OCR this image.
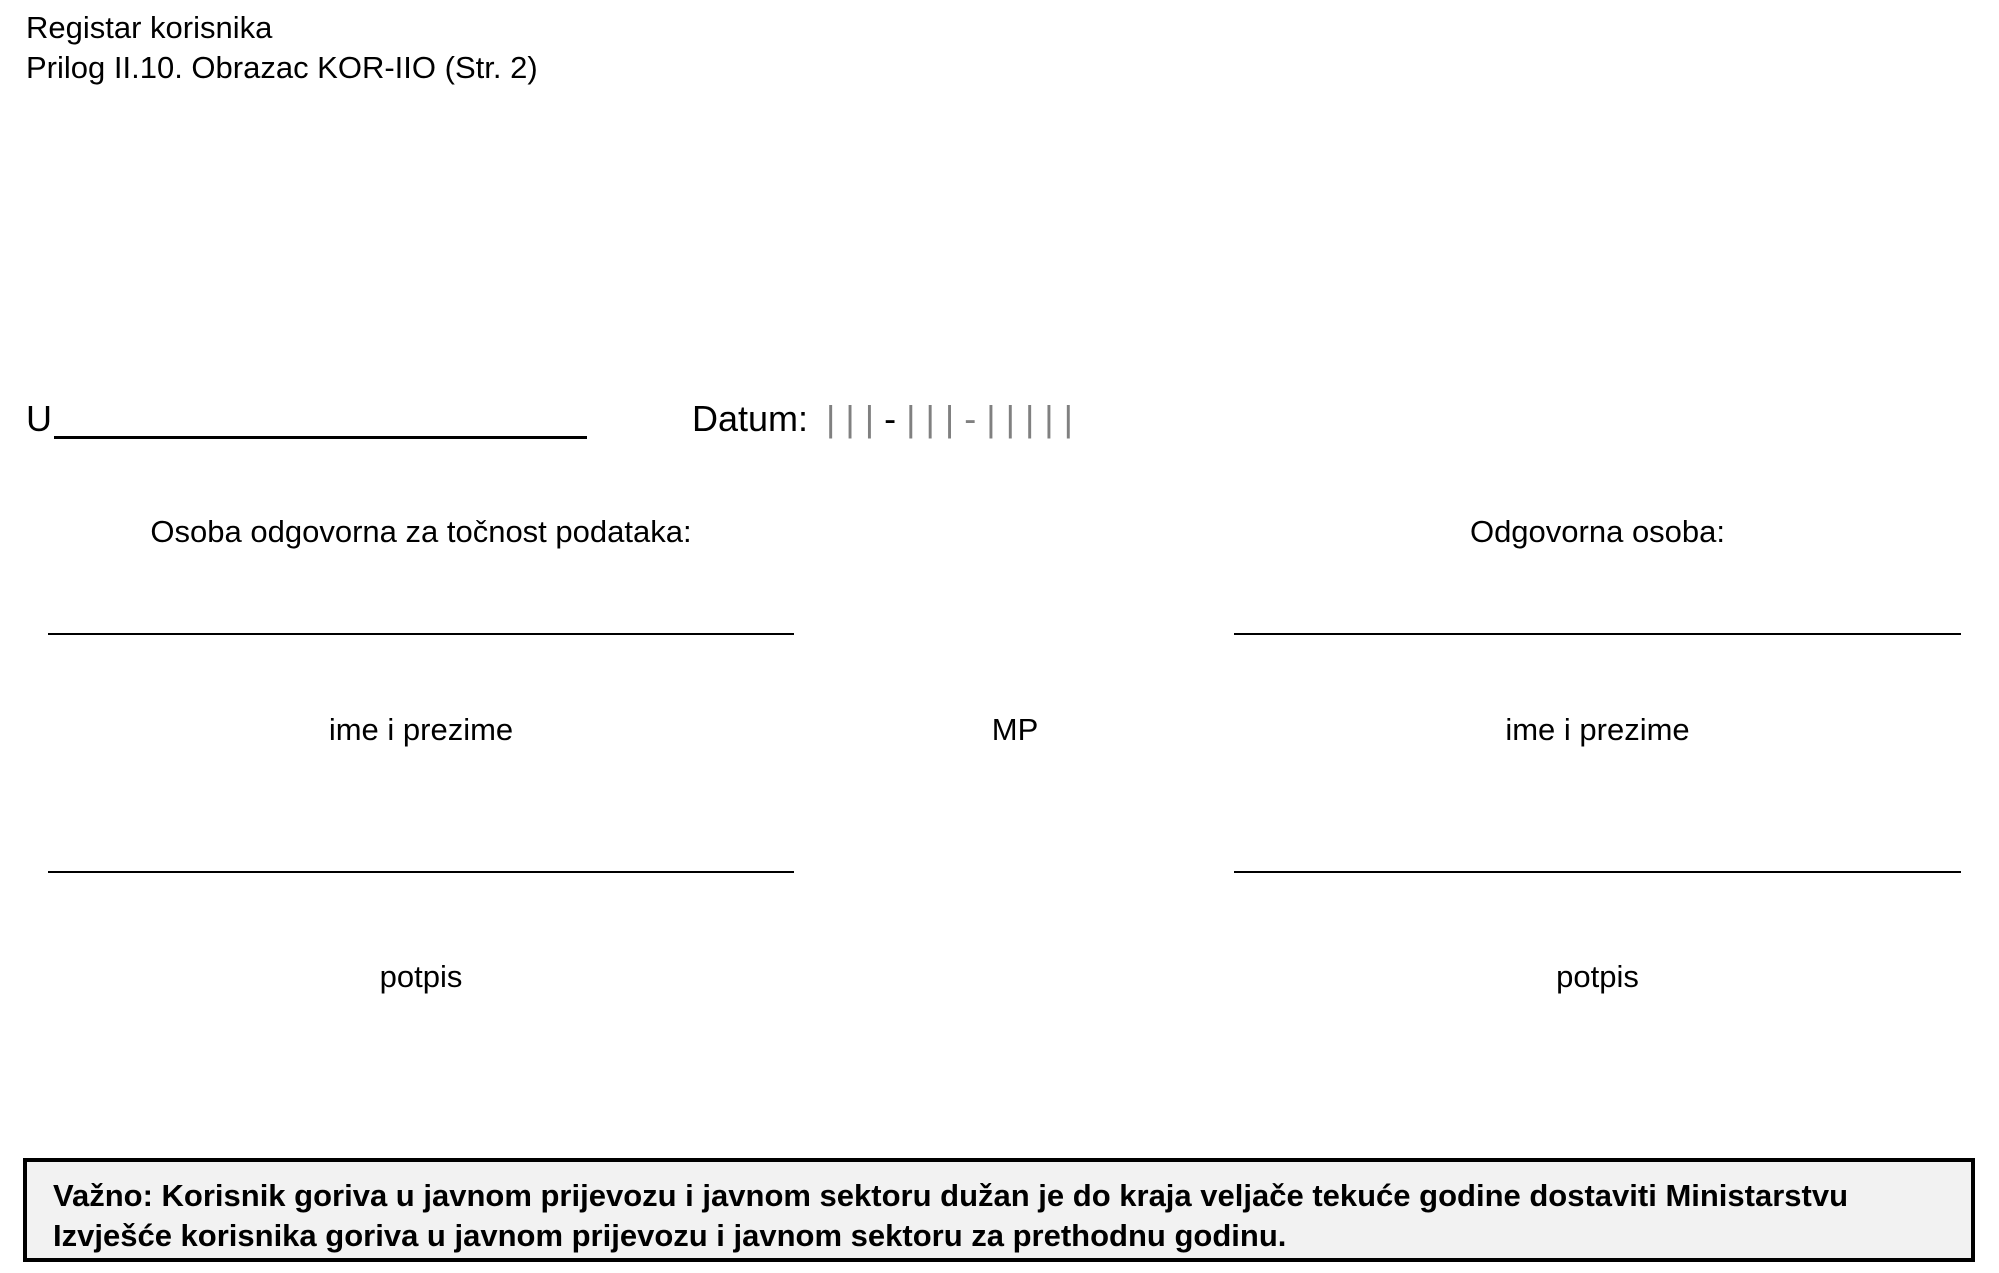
Registar korisnika
Prilog II.10. Obrazac KOR-IIO (Str. 2)
U	Datum: | | | - | | | - | | | | |
Osoba odgovorna za točnost podataka:
ime i prezime
potpis
MP
Odgovorna osoba:
ime i prezime
potpis
Važno: Korisnik goriva u javnom prijevozu i javnom sektoru dužan je do kraja veljače tekuće godine dostaviti Ministarstvu Izvješće korisnika goriva u javnom prijevozu i javnom sektoru za prethodnu godinu.
